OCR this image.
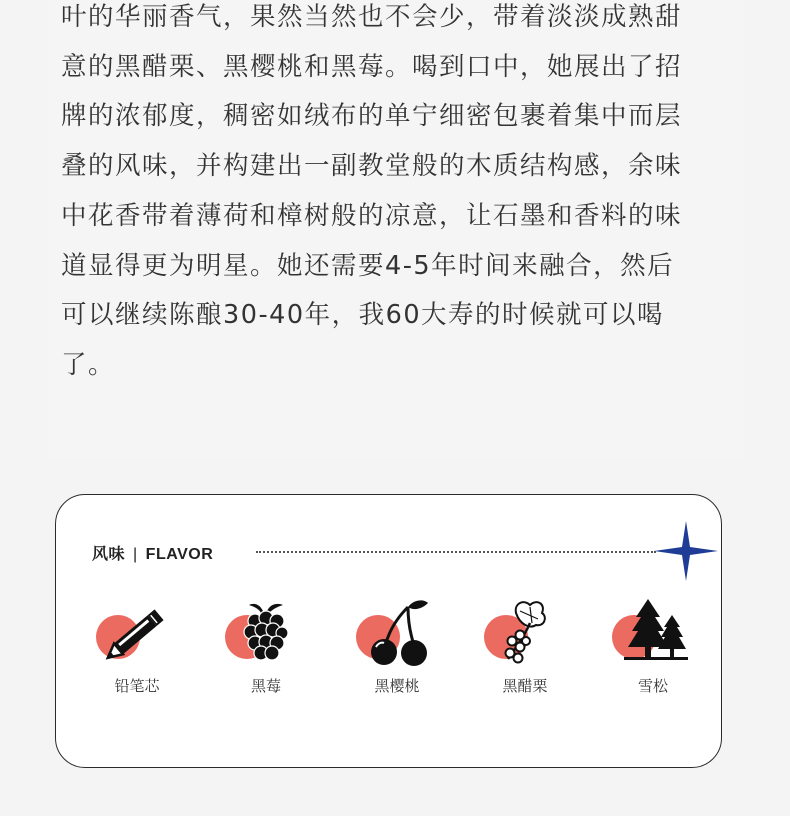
叶的华丽香气，果然当然也不会少，带着淡淡成熟甜
意的黑醋栗、黑樱桃和黑莓。喝到口中，她展出了招
牌的浓郁度，稠密如绒布的单宁细密包裹着集中而层
叠的风味，并构建出一副教堂般的木质结构感，余味
中花香带着薄荷和樟树般的凉意，让石墨和香料的味
道显得更为明星。她还需要4-5年时间来融合，然后
可以继续陈酿30-40年，我60大寿的时候就可以喝
了。
风味 | FLAVOR
铅笔芯	黑莓	黑樱桃	黑醋栗	雪松
